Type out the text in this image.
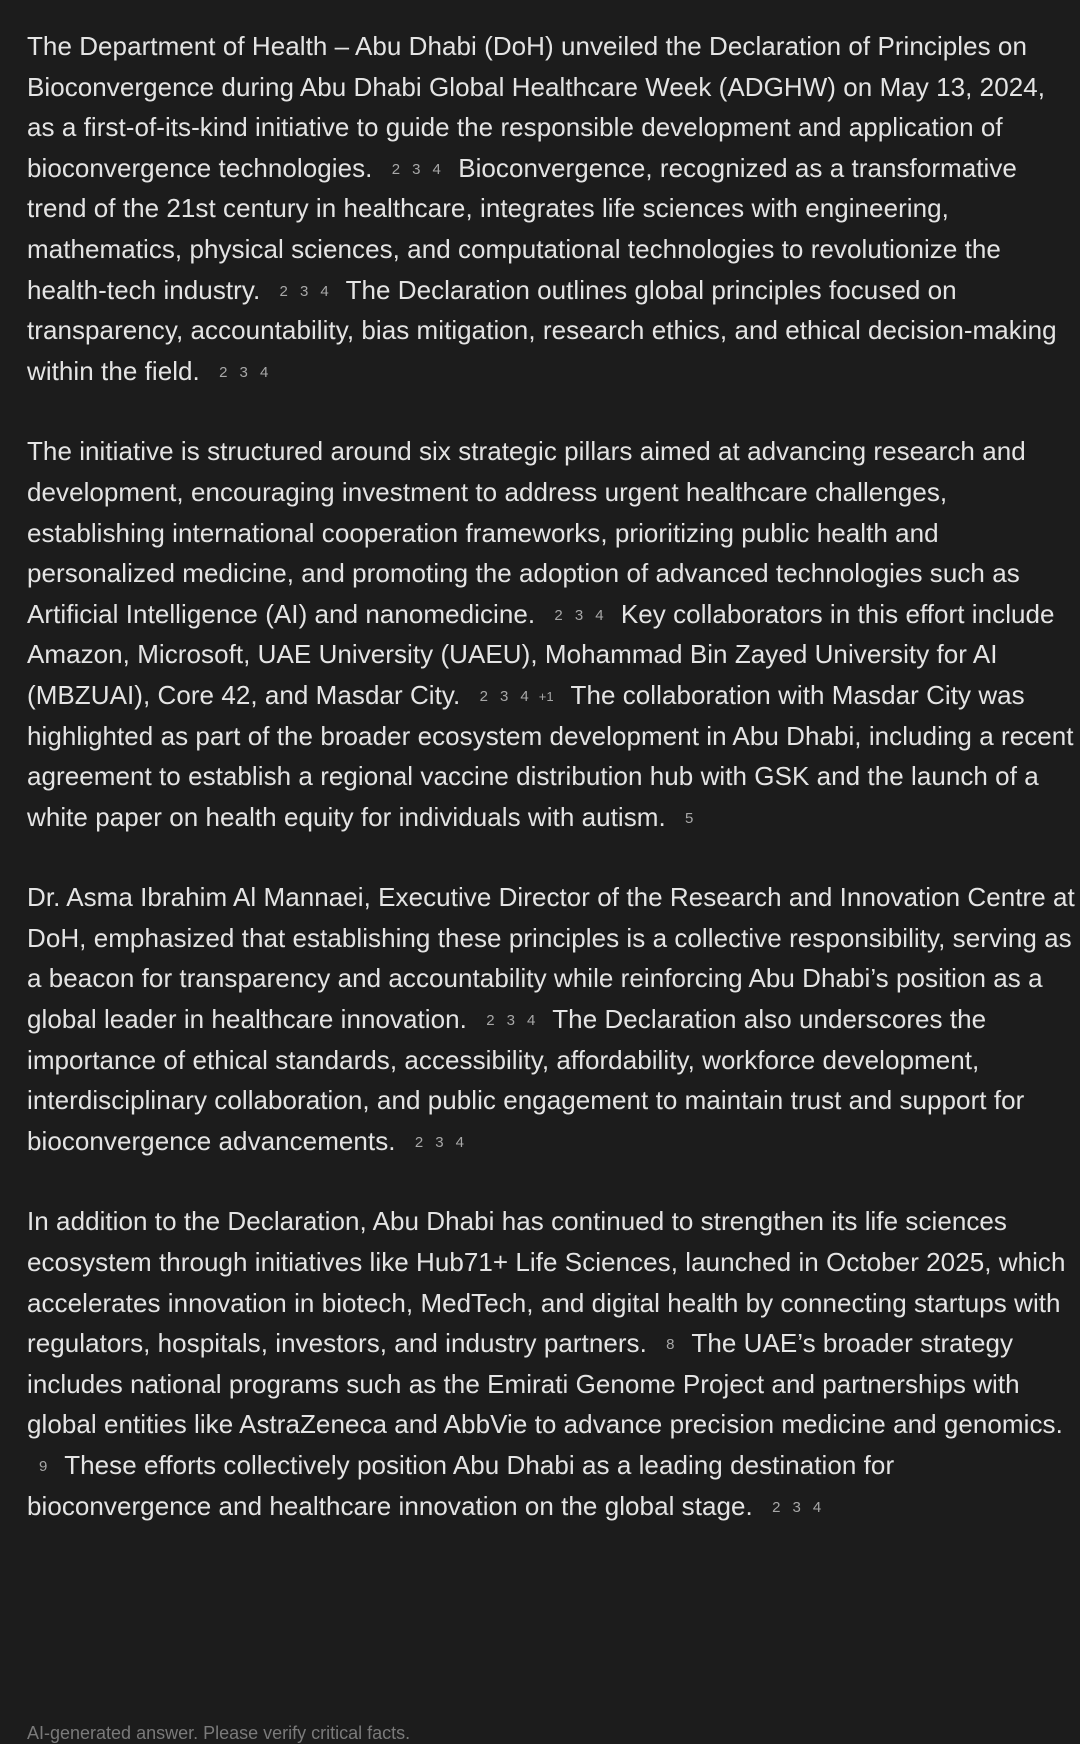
The Department of Health – Abu Dhabi (DoH) unveiled the Declaration of Principles on Bioconvergence during Abu Dhabi Global Healthcare Week (ADGHW) on May 13, 2024, as a first-of-its-kind initiative to guide the responsible development and application of bioconvergence technologies. 2 3 4 Bioconvergence, recognized as a transformative trend of the 21st century in healthcare, integrates life sciences with engineering, mathematics, physical sciences, and computational technologies to revolutionize the health-tech industry. 2 3 4 The Declaration outlines global principles focused on transparency, accountability, bias mitigation, research ethics, and ethical decision-making within the field. 2 3 4

The initiative is structured around six strategic pillars aimed at advancing research and development, encouraging investment to address urgent healthcare challenges, establishing international cooperation frameworks, prioritizing public health and personalized medicine, and promoting the adoption of advanced technologies such as Artificial Intelligence (AI) and nanomedicine. 2 3 4 Key collaborators in this effort include Amazon, Microsoft, UAE University (UAEU), Mohammad Bin Zayed University for AI (MBZUAI), Core 42, and Masdar City. 2 3 4 +1 The collaboration with Masdar City was highlighted as part of the broader ecosystem development in Abu Dhabi, including a recent agreement to establish a regional vaccine distribution hub with GSK and the launch of a white paper on health equity for individuals with autism. 5

Dr. Asma Ibrahim Al Mannaei, Executive Director of the Research and Innovation Centre at DoH, emphasized that establishing these principles is a collective responsibility, serving as a beacon for transparency and accountability while reinforcing Abu Dhabi’s position as a global leader in healthcare innovation. 2 3 4 The Declaration also underscores the importance of ethical standards, accessibility, affordability, workforce development, interdisciplinary collaboration, and public engagement to maintain trust and support for bioconvergence advancements. 2 3 4

In addition to the Declaration, Abu Dhabi has continued to strengthen its life sciences ecosystem through initiatives like Hub71+ Life Sciences, launched in October 2025, which accelerates innovation in biotech, MedTech, and digital health by connecting startups with regulators, hospitals, investors, and industry partners. 8 The UAE’s broader strategy includes national programs such as the Emirati Genome Project and partnerships with global entities like AstraZeneca and AbbVie to advance precision medicine and genomics. 9 These efforts collectively position Abu Dhabi as a leading destination for bioconvergence and healthcare innovation on the global stage. 2 3 4

AI-generated answer. Please verify critical facts.
